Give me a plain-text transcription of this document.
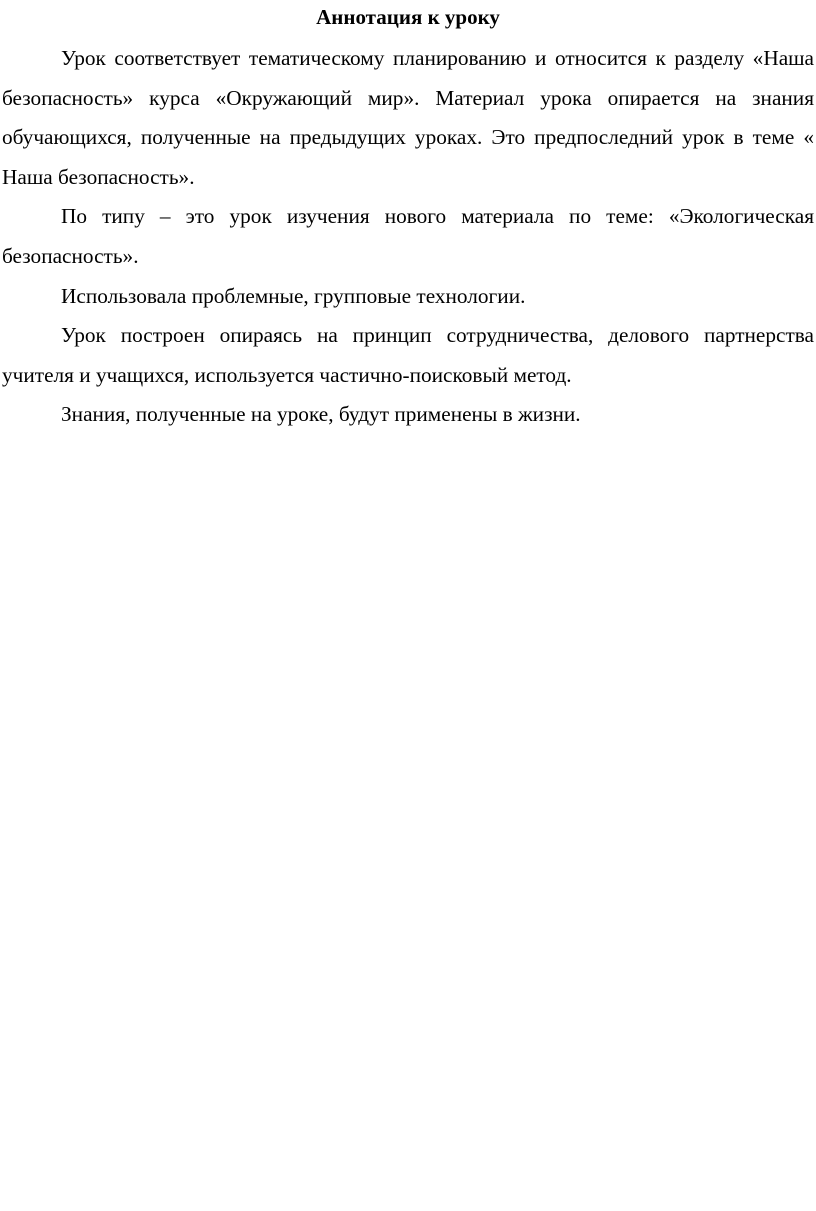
Аннотация к уроку

Урок соответствует тематическому планированию и относится к разделу «Наша безопасность» курса «Окружающий мир». Материал урока опирается на знания обучающихся, полученные на предыдущих уроках. Это предпоследний урок в теме « Наша безопасность».

По типу – это урок изучения нового материала по теме: «Экологическая безопасность».

Использовала проблемные, групповые технологии.

Урок построен опираясь на принцип сотрудничества, делового партнерства учителя и учащихся, используется частично-поисковый метод.

Знания, полученные на уроке, будут применены в жизни.
